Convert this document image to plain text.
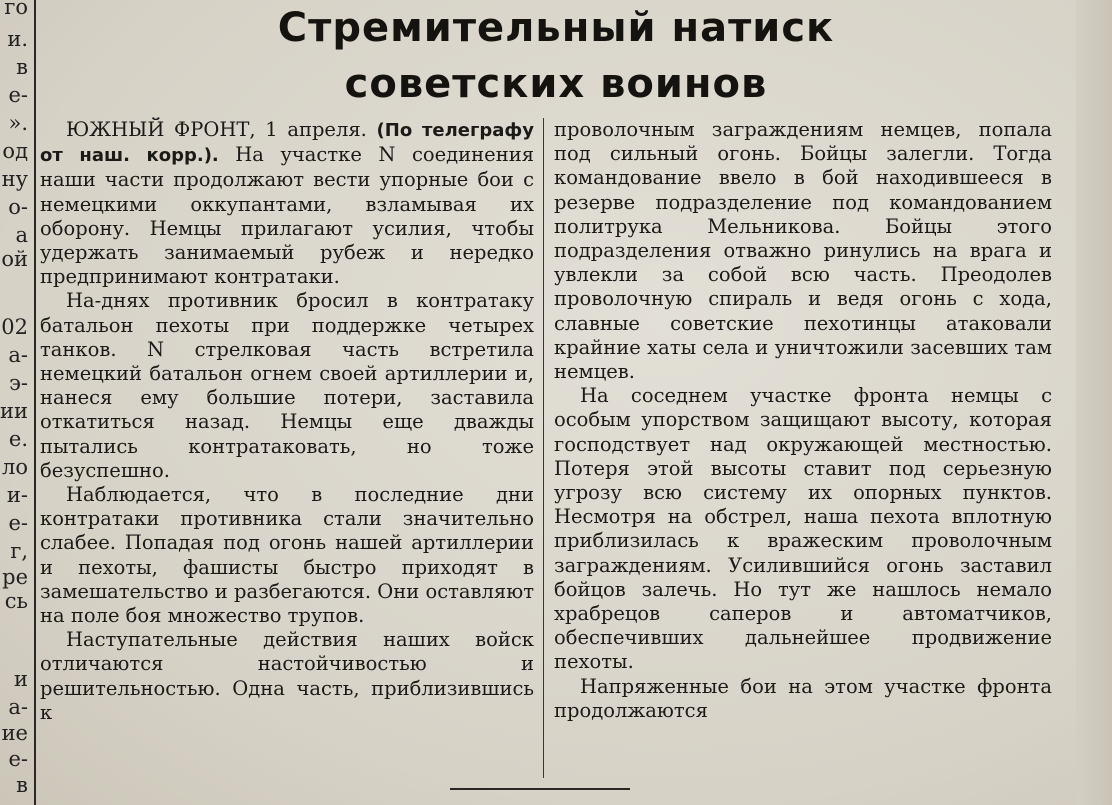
го
и.
в
е-
».
од
ну
о-
а
ой
02
а-
э-
ии
е.
ло
и-
е-
г,
ре
сь
и
а-
ие
е-
в
Стремительный натиск
советских воинов

ЮЖНЫЙ ФРОНТ, 1 апреля. (По телеграфу от наш. корр.). На участке N соединения наши части продолжают вести упорные бои с немецкими оккупантами, взламывая их оборону. Немцы прилагают усилия, чтобы удержать занимаемый рубеж и нередко предпринимают контратаки.

На-днях противник бросил в контратаку батальон пехоты при поддержке четырех танков. N стрелковая часть встретила немецкий батальон огнем своей артиллерии и, нанеся ему большие потери, заставила откатиться назад. Немцы еще дважды пытались контратаковать, но тоже безуспешно.

Наблюдается, что в последние дни контратаки противника стали значительно слабее. Попадая под огонь нашей артиллерии и пехоты, фашисты быстро приходят в замешательство и разбегаются. Они оставляют на поле боя множество трупов.

Наступательные действия наших войск отличаются настойчивостью и решительностью. Одна часть, приблизившись к

проволочным заграждениям немцев, попала под сильный огонь. Бойцы залегли. Тогда командование ввело в бой находившееся в резерве подразделение под командованием политрука Мельникова. Бойцы этого подразделения отважно ринулись на врага и увлекли за собой всю часть. Преодолев проволочную спираль и ведя огонь с хода, славные советские пехотинцы атаковали крайние хаты села и уничтожили засевших там немцев.

На соседнем участке фронта немцы с особым упорством защищают высоту, которая господствует над окружающей местностью. Потеря этой высоты ставит под серьезную угрозу всю систему их опорных пунктов. Несмотря на обстрел, наша пехота вплотную приблизилась к вражеским проволочным заграждениям. Усилившийся огонь заставил бойцов залечь. Но тут же нашлось немало храбрецов саперов и автоматчиков, обеспечивших дальнейшее продвижение пехоты.

Напряженные бои на этом участке фронта продолжаются
